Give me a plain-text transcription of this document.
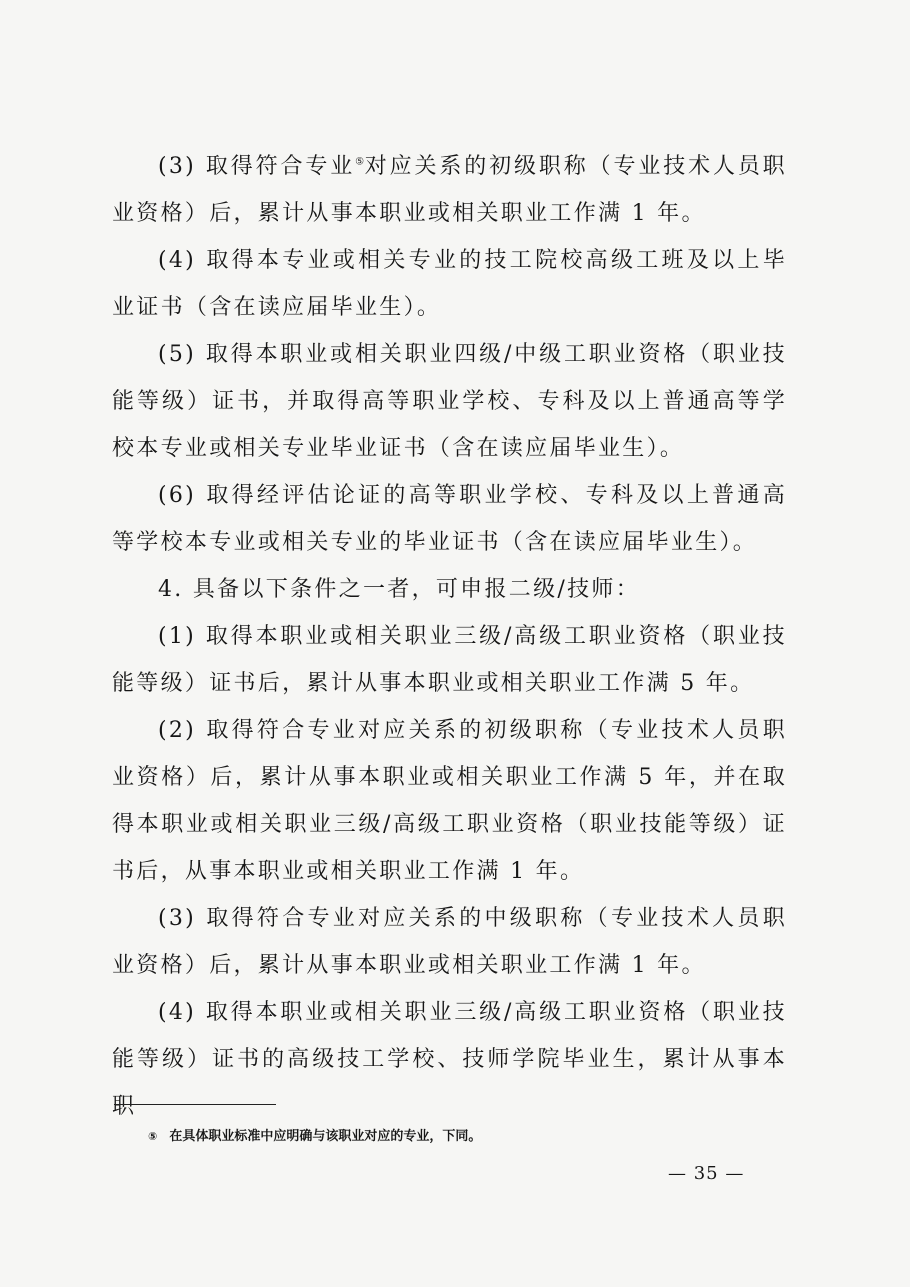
(3) 取得符合专业⑤对应关系的初级职称（专业技术人员职业资格）后，累计从事本职业或相关职业工作满 1 年。

(4) 取得本专业或相关专业的技工院校高级工班及以上毕业证书（含在读应届毕业生）。

(5) 取得本职业或相关职业四级/中级工职业资格（职业技能等级）证书，并取得高等职业学校、专科及以上普通高等学校本专业或相关专业毕业证书（含在读应届毕业生）。

(6) 取得经评估论证的高等职业学校、专科及以上普通高等学校本专业或相关专业的毕业证书（含在读应届毕业生）。

4. 具备以下条件之一者，可申报二级/技师：

(1) 取得本职业或相关职业三级/高级工职业资格（职业技能等级）证书后，累计从事本职业或相关职业工作满 5 年。

(2) 取得符合专业对应关系的初级职称（专业技术人员职业资格）后，累计从事本职业或相关职业工作满 5 年，并在取得本职业或相关职业三级/高级工职业资格（职业技能等级）证书后，从事本职业或相关职业工作满 1 年。

(3) 取得符合专业对应关系的中级职称（专业技术人员职业资格）后，累计从事本职业或相关职业工作满 1 年。

(4) 取得本职业或相关职业三级/高级工职业资格（职业技能等级）证书的高级技工学校、技师学院毕业生，累计从事本职

⑤ 在具体职业标准中应明确与该职业对应的专业，下同。
— 35 —
